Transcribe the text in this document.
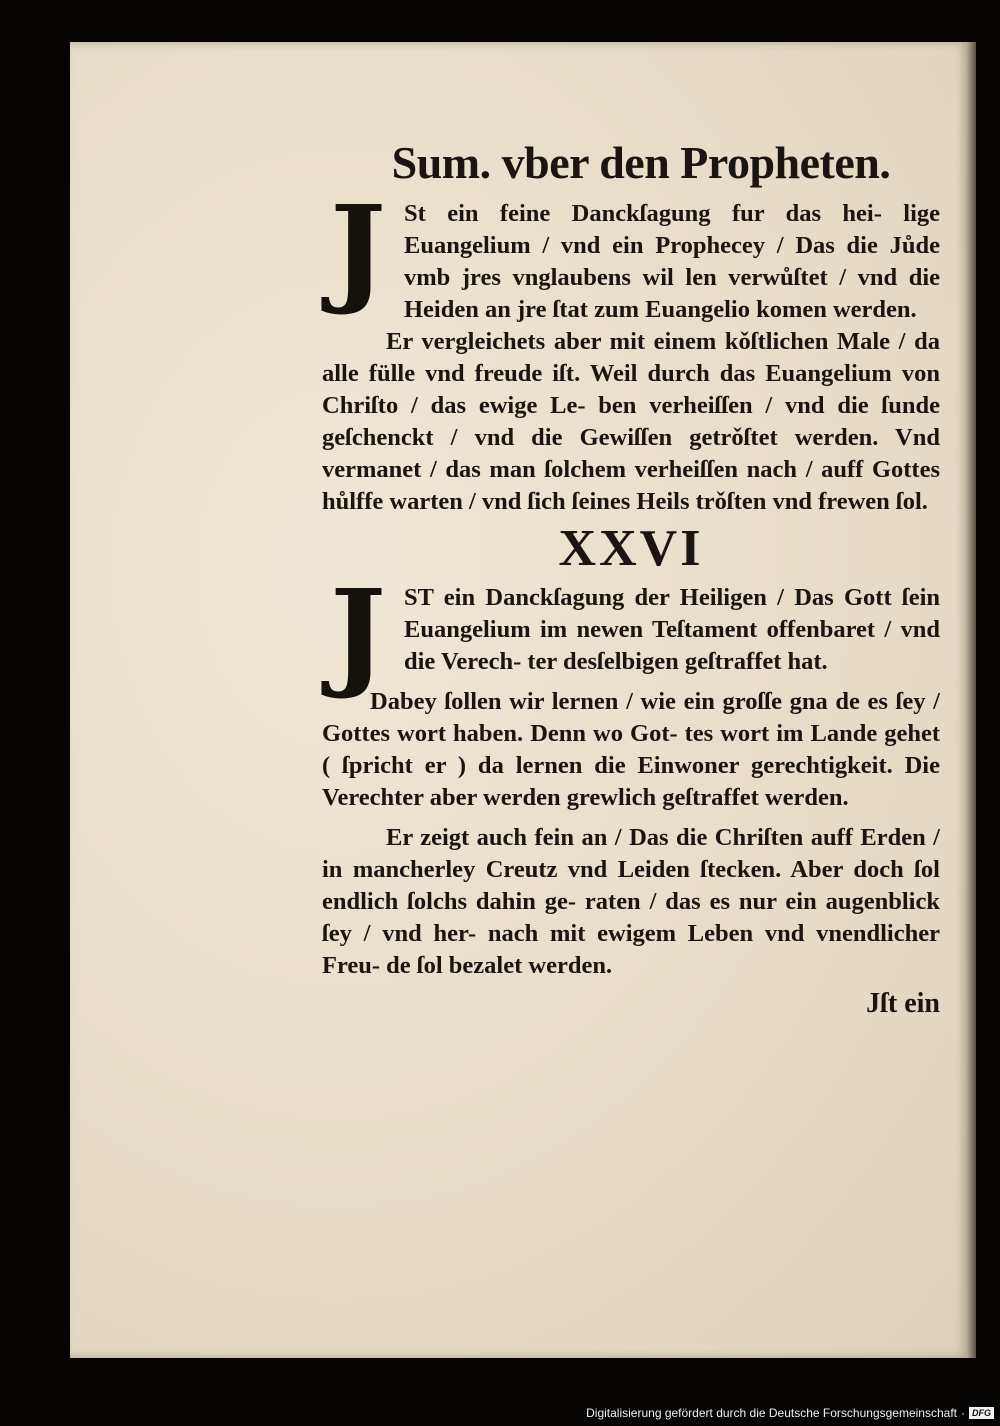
Sum. vber den Propheten.
J St ein feine Danckſagung fur das hei- lige Euangelium / vnd ein Prophecey / Das die Jůde vmb jres vnglaubens wil len verwůſtet / vnd die Heiden an jre ſtat zum Euangelio komen werden.

Er vergleichets aber mit einem kǒſtlichen Male / da alle fülle vnd freude iſt. Weil durch das Euangelium von Chriſto / das ewige Le- ben verheiſſen / vnd die ſunde geſchenckt / vnd die Gewiſſen getrǒſtet werden. Vnd vermanet / das man ſolchem verheiſſen nach / auff Gottes hůlffe warten / vnd ſich ſeines Heils trǒſten vnd frewen ſol.

XXVI
J ST ein Danckſagung der Heiligen / Das Gott ſein Euangelium im newen Teſtament offenbaret / vnd die Verech- ter desſelbigen geſtraffet hat.

Dabey ſollen wir lernen / wie ein groſſe gna de es ſey / Gottes wort haben. Denn wo Got- tes wort im Lande gehet ( ſpricht er ) da lernen die Einwoner gerechtigkeit. Die Verechter aber werden grewlich geſtraffet werden.

Er zeigt auch fein an / Das die Chriſten auff Erden / in mancherley Creutz vnd Leiden ſtecken. Aber doch ſol endlich ſolchs dahin ge- raten / das es nur ein augenblick ſey / vnd her- nach mit ewigem Leben vnd vnendlicher Freu- de ſol bezalet werden.

Jſt ein
Digitalisierung gefördert durch die Deutsche Forschungsgemeinschaft · DFG
